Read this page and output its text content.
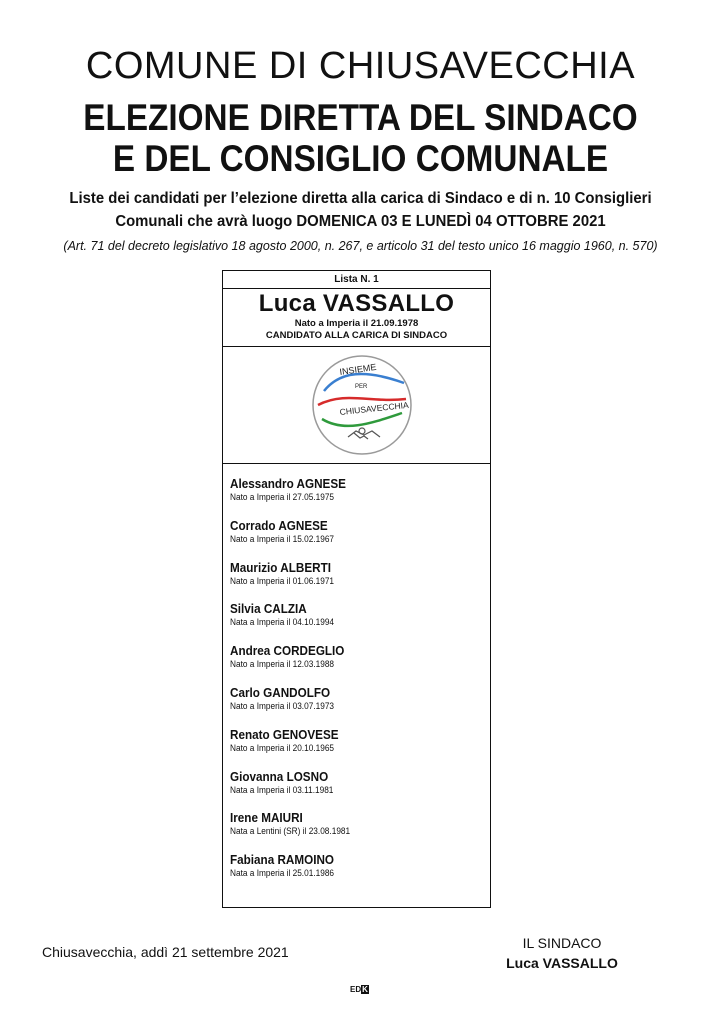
COMUNE DI CHIUSAVECCHIA
ELEZIONE DIRETTA DEL SINDACO
E DEL CONSIGLIO COMUNALE
Liste dei candidati per l’elezione diretta alla carica di Sindaco e di n. 10 Consiglieri
Comunali che avrà luogo DOMENICA 03 E LUNEDÌ 04 OTTOBRE 2021
(Art. 71 del decreto legislativo 18 agosto 2000, n. 267, e articolo 31 del testo unico 16 maggio 1960, n. 570)
Lista N. 1
Luca VASSALLO
Nato a Imperia il 21.09.1978
CANDIDATO ALLA CARICA DI SINDACO
INSIEME
PER
CHIUSAVECCHIA
Alessandro AGNESE
Nato a Imperia il 27.05.1975
Corrado AGNESE
Nato a Imperia il 15.02.1967
Maurizio ALBERTI
Nato a Imperia il 01.06.1971
Silvia CALZIA
Nata a Imperia il 04.10.1994
Andrea CORDEGLIO
Nato a Imperia il 12.03.1988
Carlo GANDOLFO
Nato a Imperia il 03.07.1973
Renato GENOVESE
Nato a Imperia il 20.10.1965
Giovanna LOSNO
Nata a Imperia il 03.11.1981
Irene MAIURI
Nata a Lentini (SR) il 23.08.1981
Fabiana RAMOINO
Nata a Imperia il 25.01.1986
Chiusavecchia, addì 21 settembre 2021
IL SINDACO
Luca VASSALLO
EDK
